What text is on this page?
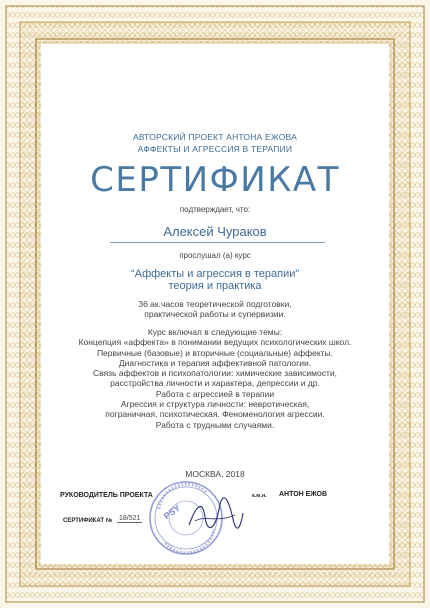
АВТОРСКИЙ ПРОЕКТ АНТОНА ЕЖОВА
АФФЕКТЫ И АГРЕССИЯ В ТЕРАПИИ
СЕРТИФИКАТ
подтверждает, что:
Алексей Чураков
прослушал (а) курс
“Аффекты и агрессия в терапии”
теория и практика
36 ак.часов теоретической подготовки,
практической работы и супервизии.
Курс включал в следующие темы:
Концепция «аффекта» в понимании ведущих психологических школ.
Первичные (базовые) и вторичные (социальные) аффекты.
Диагностика и терапия аффективной патологии.
Связь аффектов и психопатологии: химические зависимости,
расстройства личности и характера, депрессии и др.
Работа с агрессией в терапии
Агрессия и структура личности: невротическая,
пограничная, психотическая. Феноменология агрессии.
Работа с трудными случаями.
МОСКВА, 2018
РУКОВОДИТЕЛЬ ПРОЕКТА	к.м.н. АНТОН ЕЖОВ
СЕРТИФИКАТ № 18/521 PSY
